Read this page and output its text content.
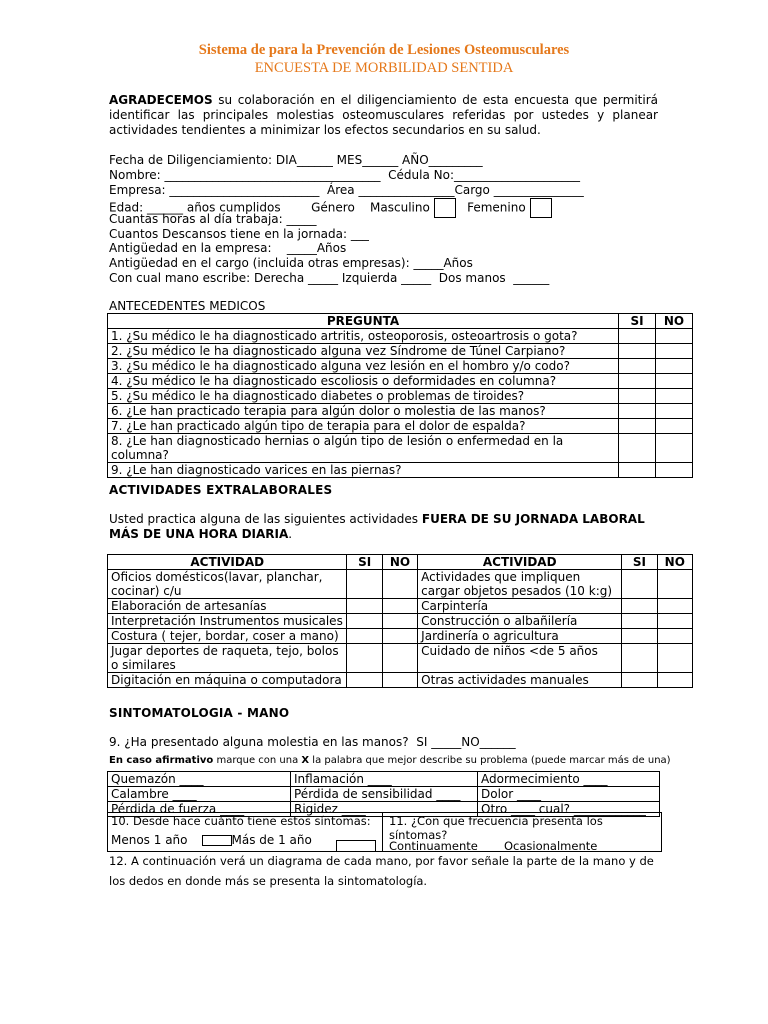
Sistema de para la Prevención de Lesiones Osteomusculares
ENCUESTA DE MORBILIDAD SENTIDA
AGRADECEMOS su colaboración en el diligenciamiento de esta encuesta que permitirá identificar las principales molestias osteomusculares referidas por ustedes y planear actividades tendientes a minimizar los efectos secundarios en su salud.
Fecha de Diligenciamiento: DIA______ MES______ AÑO_________
Nombre: ____________________________________  Cédula No:_____________________
Empresa: _________________________  Área ________________Cargo _______________
Edad: ______ años cumplidos        Género    Masculino    Femenino
Cuantas horas al día trabaja: _____
Cuantos Descansos tiene en la jornada: ___
Antigüedad en la empresa:    _____Años
Antigüedad en el cargo (incluida otras empresas): _____Años
Con cual mano escribe: Derecha _____ Izquierda _____  Dos manos  ______
ANTECEDENTES MEDICOS
PREGUNTA	SI	NO
1. ¿Su médico le ha diagnosticado artritis, osteoporosis, osteoartrosis o gota?		
2. ¿Su médico le ha diagnosticado alguna vez Síndrome de Túnel Carpiano?		
3. ¿Su médico le ha diagnosticado alguna vez lesión en el hombro y/o codo?		
4. ¿Su médico le ha diagnosticado escoliosis o deformidades en columna?		
5. ¿Su médico le ha diagnosticado diabetes o problemas de tiroides?		
6. ¿Le han practicado terapia para algún dolor o molestia de las manos?		
7. ¿Le han practicado algún tipo de terapia para el dolor de espalda?		
8. ¿Le han diagnosticado hernias o algún tipo de lesión o enfermedad en la columna?		
9. ¿Le han diagnosticado varices en las piernas?		
ACTIVIDADES EXTRALABORALES
Usted practica alguna de las siguientes actividades FUERA DE SU JORNADA LABORAL MÁS DE UNA HORA DIARIA.
ACTIVIDAD	SI	NO	ACTIVIDAD	SI	NO
Oficios domésticos(lavar, planchar, cocinar) c/u			Actividades que impliquen cargar objetos pesados (10 k:g)		
Elaboración de artesanías			Carpintería		
Interpretación Instrumentos musicales			Construcción o albañilería		
Costura ( tejer, bordar, coser a mano)			Jardinería o agricultura		
Jugar deportes de raqueta, tejo, bolos o similares			Cuidado de niños <de 5 años		
Digitación en máquina o computadora			Otras actividades manuales		
SINTOMATOLOGIA - MANO
9. ¿Ha presentado alguna molestia en las manos?  SI _____NO______
En caso afirmativo marque con una X la palabra que mejor describe su problema (puede marcar más de una)
Quemazón ____	Inflamación ____	Adormecimiento ____
Calambre ____	Pérdida de sensibilidad ____	Dolor ____
Pérdida de fuerza ____	Rigidez ____	Otro ____ cual? ____________
10. Desde hace cuánto tiene estos síntomas:
Menos 1 año	Más de 1 año
11. ¿Con que frecuencia presenta los síntomas?
Continuamente Ocasionalmente
12. A continuación verá un diagrama de cada mano, por favor señale la parte de la mano y de los dedos en donde más se presenta la sintomatología.
